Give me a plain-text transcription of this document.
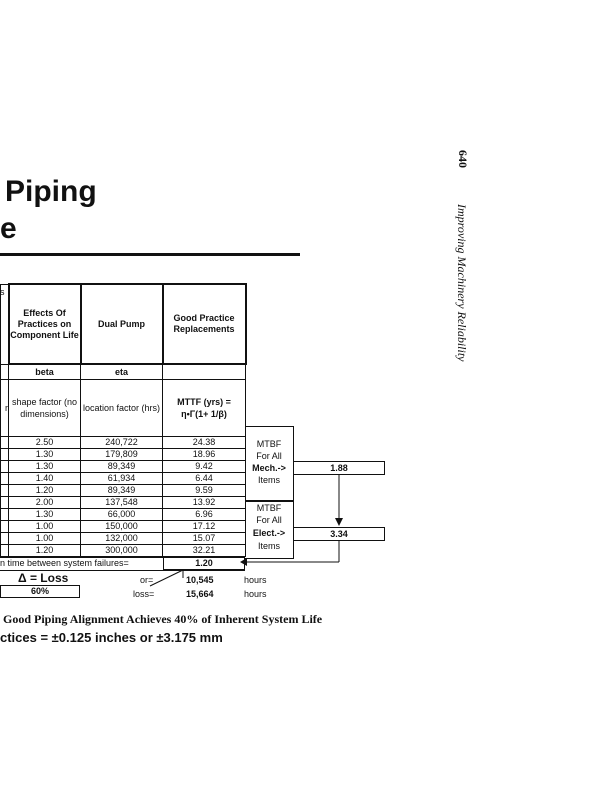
Piping
e
640
Improving Machinery Reliability
s
	Effects Of Practices on Component Life	Dual Pump	Good Practice Replacements
	beta	eta	
r	shape factor (no dimensions)	location factor (hrs)	MTTF (yrs) = η•Γ(1+ 1/β)
	2.50	240,722	24.38
	1.30	179,809	18.96
	1.30	89,349	9.42
	1.40	61,934	6.44
	1.20	89,349	9.59
	2.00	137,548	13.92
	1.30	66,000	6.96
	1.00	150,000	17.12
	1.00	132,000	15.07
	1.20	300,000	32.21
n time between system failures=	1.20
MTBF
For All
Mech.->
Items
1.88
MTBF
For All
Elect.->
Items
3.34
Δ = Loss
60%
or=	10,545	hours
loss=	15,664	hours
Good Piping Alignment Achieves 40% of Inherent System Life
ctices = ±0.125 inches or ±3.175 mm
